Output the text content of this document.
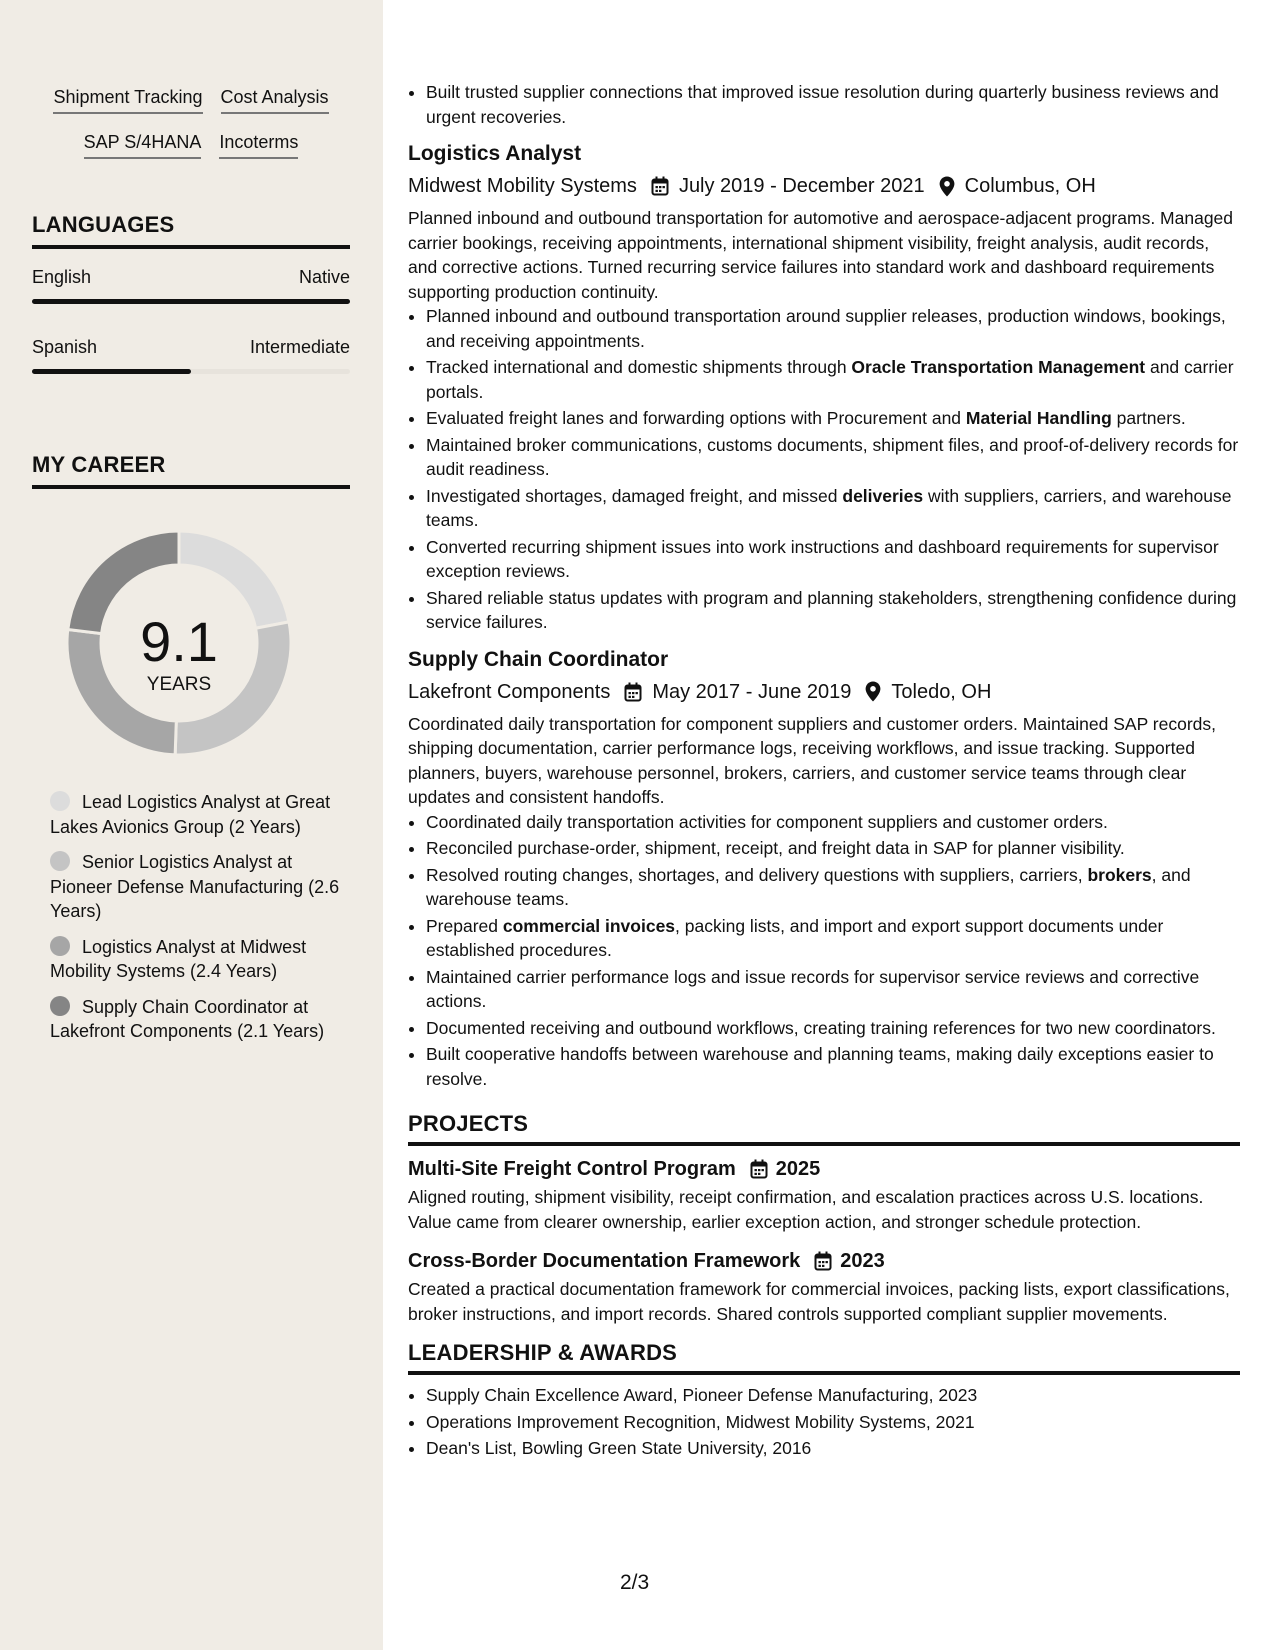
Shipment Tracking Cost Analysis
SAP S/4HANA Incoterms
LANGUAGES
English	Native
Spanish	Intermediate
MY CAREER
9.1
YEARS
Lead Logistics Analyst at Great Lakes Avionics Group (2 Years)
Senior Logistics Analyst at Pioneer Defense Manufacturing (2.6 Years)
Logistics Analyst at Midwest Mobility Systems (2.4 Years)
Supply Chain Coordinator at Lakefront Components (2.1 Years)
• Built trusted supplier connections that improved issue resolution during quarterly business reviews and urgent recoveries.
Logistics Analyst
Midwest Mobility Systems July 2019 - December 2021 Columbus, OH
Planned inbound and outbound transportation for automotive and aerospace-adjacent programs. Managed carrier bookings, receiving appointments, international shipment visibility, freight analysis, audit records, and corrective actions. Turned recurring service failures into standard work and dashboard requirements supporting production continuity.
• Planned inbound and outbound transportation around supplier releases, production windows, bookings, and receiving appointments.
• Tracked international and domestic shipments through Oracle Transportation Management and carrier portals.
• Evaluated freight lanes and forwarding options with Procurement and Material Handling partners.
• Maintained broker communications, customs documents, shipment files, and proof-of-delivery records for audit readiness.
• Investigated shortages, damaged freight, and missed deliveries with suppliers, carriers, and warehouse teams.
• Converted recurring shipment issues into work instructions and dashboard requirements for supervisor exception reviews.
• Shared reliable status updates with program and planning stakeholders, strengthening confidence during service failures.
Supply Chain Coordinator
Lakefront Components May 2017 - June 2019 Toledo, OH
Coordinated daily transportation for component suppliers and customer orders. Maintained SAP records, shipping documentation, carrier performance logs, receiving workflows, and issue tracking. Supported planners, buyers, warehouse personnel, brokers, carriers, and customer service teams through clear updates and consistent handoffs.
• Coordinated daily transportation activities for component suppliers and customer orders.
• Reconciled purchase-order, shipment, receipt, and freight data in SAP for planner visibility.
• Resolved routing changes, shortages, and delivery questions with suppliers, carriers, brokers, and warehouse teams.
• Prepared commercial invoices, packing lists, and import and export support documents under established procedures.
• Maintained carrier performance logs and issue records for supervisor service reviews and corrective actions.
• Documented receiving and outbound workflows, creating training references for two new coordinators.
• Built cooperative handoffs between warehouse and planning teams, making daily exceptions easier to resolve.
PROJECTS
Multi-Site Freight Control Program 2025
Aligned routing, shipment visibility, receipt confirmation, and escalation practices across U.S. locations. Value came from clearer ownership, earlier exception action, and stronger schedule protection.
Cross-Border Documentation Framework 2023
Created a practical documentation framework for commercial invoices, packing lists, export classifications, broker instructions, and import records. Shared controls supported compliant supplier movements.
LEADERSHIP & AWARDS
• Supply Chain Excellence Award, Pioneer Defense Manufacturing, 2023
• Operations Improvement Recognition, Midwest Mobility Systems, 2021
• Dean's List, Bowling Green State University, 2016
2/3
